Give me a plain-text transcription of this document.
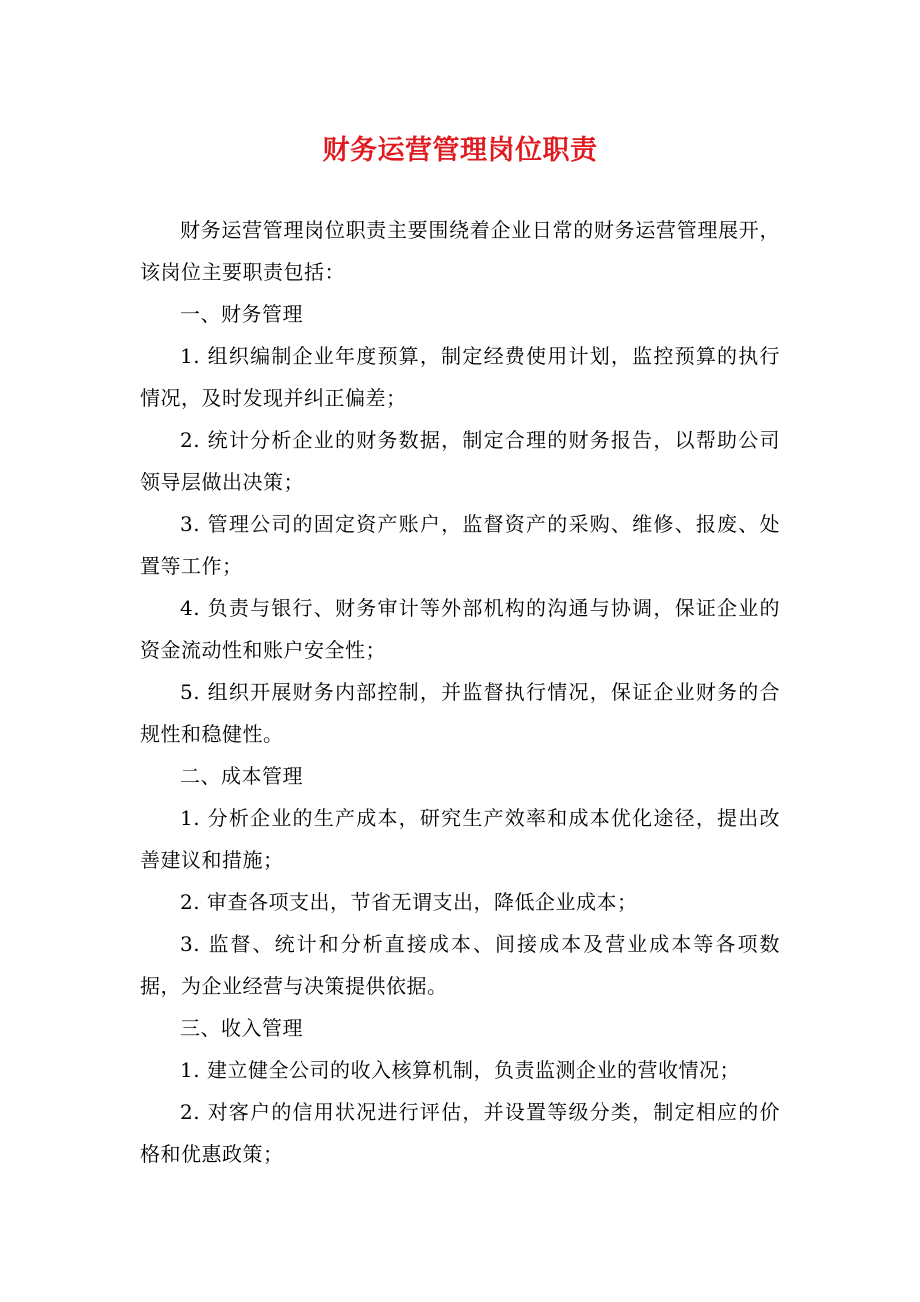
财务运营管理岗位职责

财务运营管理岗位职责主要围绕着企业日常的财务运营管理展开，该岗位主要职责包括：

一、财务管理

1. 组织编制企业年度预算，制定经费使用计划，监控预算的执行情况，及时发现并纠正偏差；

2. 统计分析企业的财务数据，制定合理的财务报告，以帮助公司领导层做出决策；

3. 管理公司的固定资产账户，监督资产的采购、维修、报废、处置等工作；

4. 负责与银行、财务审计等外部机构的沟通与协调，保证企业的资金流动性和账户安全性；

5. 组织开展财务内部控制，并监督执行情况，保证企业财务的合规性和稳健性。

二、成本管理

1. 分析企业的生产成本，研究生产效率和成本优化途径，提出改善建议和措施；

2. 审查各项支出，节省无谓支出，降低企业成本；

3. 监督、统计和分析直接成本、间接成本及营业成本等各项数据，为企业经营与决策提供依据。

三、收入管理

1. 建立健全公司的收入核算机制，负责监测企业的营收情况；

2. 对客户的信用状况进行评估，并设置等级分类，制定相应的价格和优惠政策；
